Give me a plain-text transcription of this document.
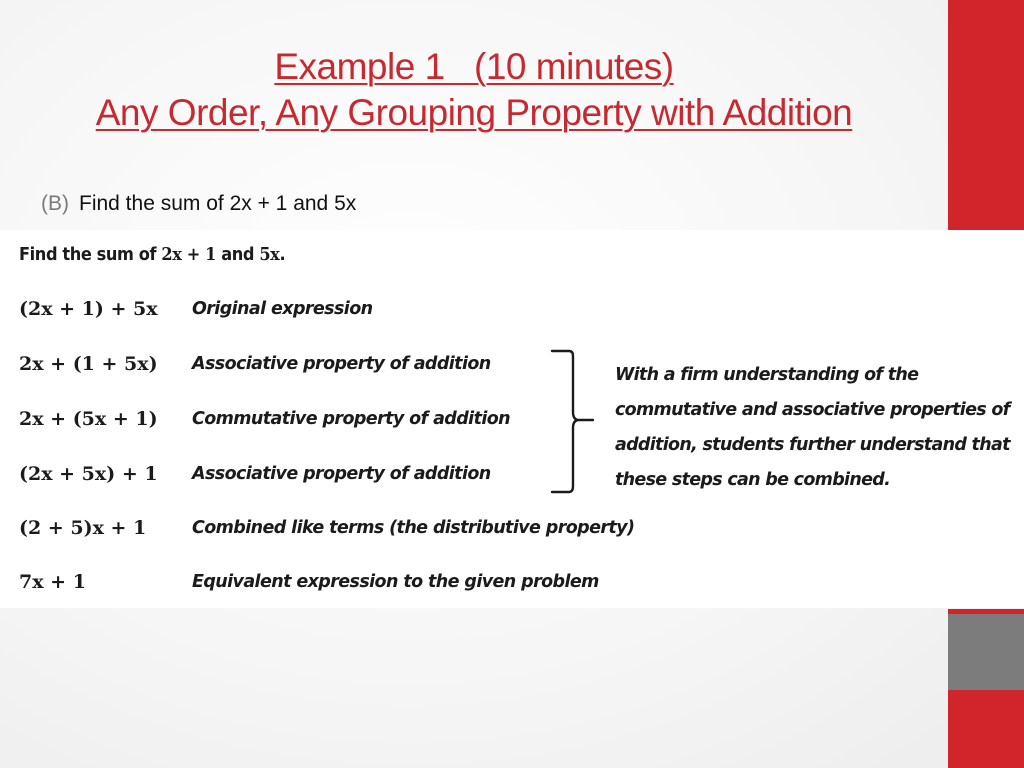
Example 1   (10 minutes)
Any Order, Any Grouping Property with Addition
(B) Find the sum of 2x + 1 and 5x
Find the sum of 2x + 1 and 5x.
(2x + 1) + 5x Original expression
2x + (1 + 5x) Associative property of addition
2x + (5x + 1) Commutative property of addition
(2x + 5x) + 1 Associative property of addition
(2 + 5)x + 1	Combined like terms (the distributive property)
7x + 1	Equivalent expression to the given problem
With a firm understanding of the commutative and associative properties of addition, students further understand that these steps can be combined.
